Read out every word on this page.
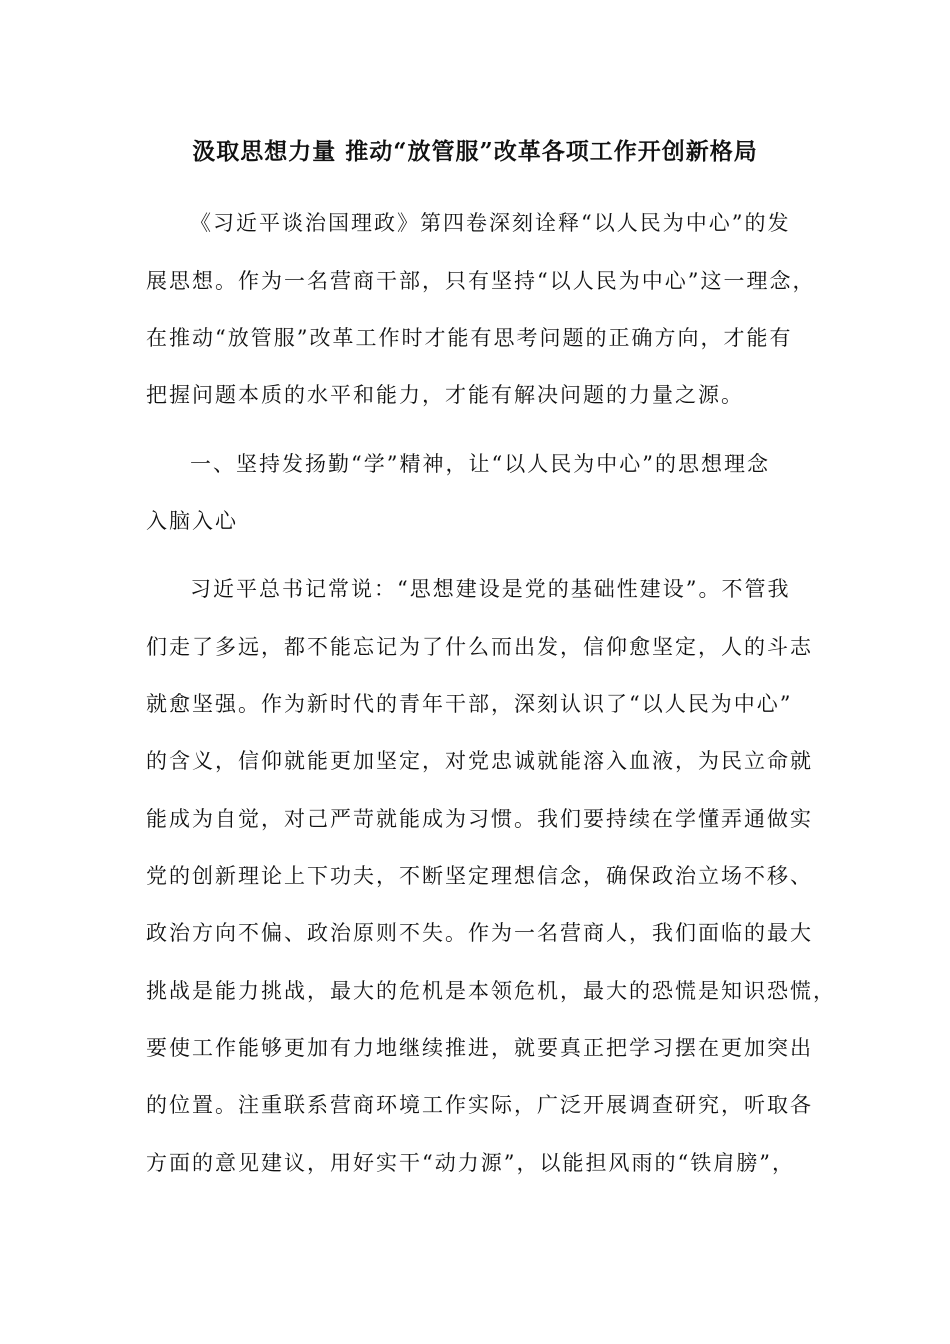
汲取思想力量 推动“放管服”改革各项工作开创新格局
《习近平谈治国理政》第四卷深刻诠释“以人民为中心”的发
展思想。作为一名营商干部，只有坚持“以人民为中心”这一理念，
在推动“放管服”改革工作时才能有思考问题的正确方向，才能有
把握问题本质的水平和能力，才能有解决问题的力量之源。
一、坚持发扬勤“学”精神，让“以人民为中心”的思想理念
入脑入心
习近平总书记常说：“思想建设是党的基础性建设”。不管我
们走了多远，都不能忘记为了什么而出发，信仰愈坚定，人的斗志
就愈坚强。作为新时代的青年干部，深刻认识了“以人民为中心”
的含义，信仰就能更加坚定，对党忠诚就能溶入血液，为民立命就
能成为自觉，对己严苛就能成为习惯。我们要持续在学懂弄通做实
党的创新理论上下功夫，不断坚定理想信念，确保政治立场不移、
政治方向不偏、政治原则不失。作为一名营商人，我们面临的最大
挑战是能力挑战，最大的危机是本领危机，最大的恐慌是知识恐慌，
要使工作能够更加有力地继续推进，就要真正把学习摆在更加突出
的位置。注重联系营商环境工作实际，广泛开展调查研究，听取各
方面的意见建议，用好实干“动力源”，以能担风雨的“铁肩膀”，
